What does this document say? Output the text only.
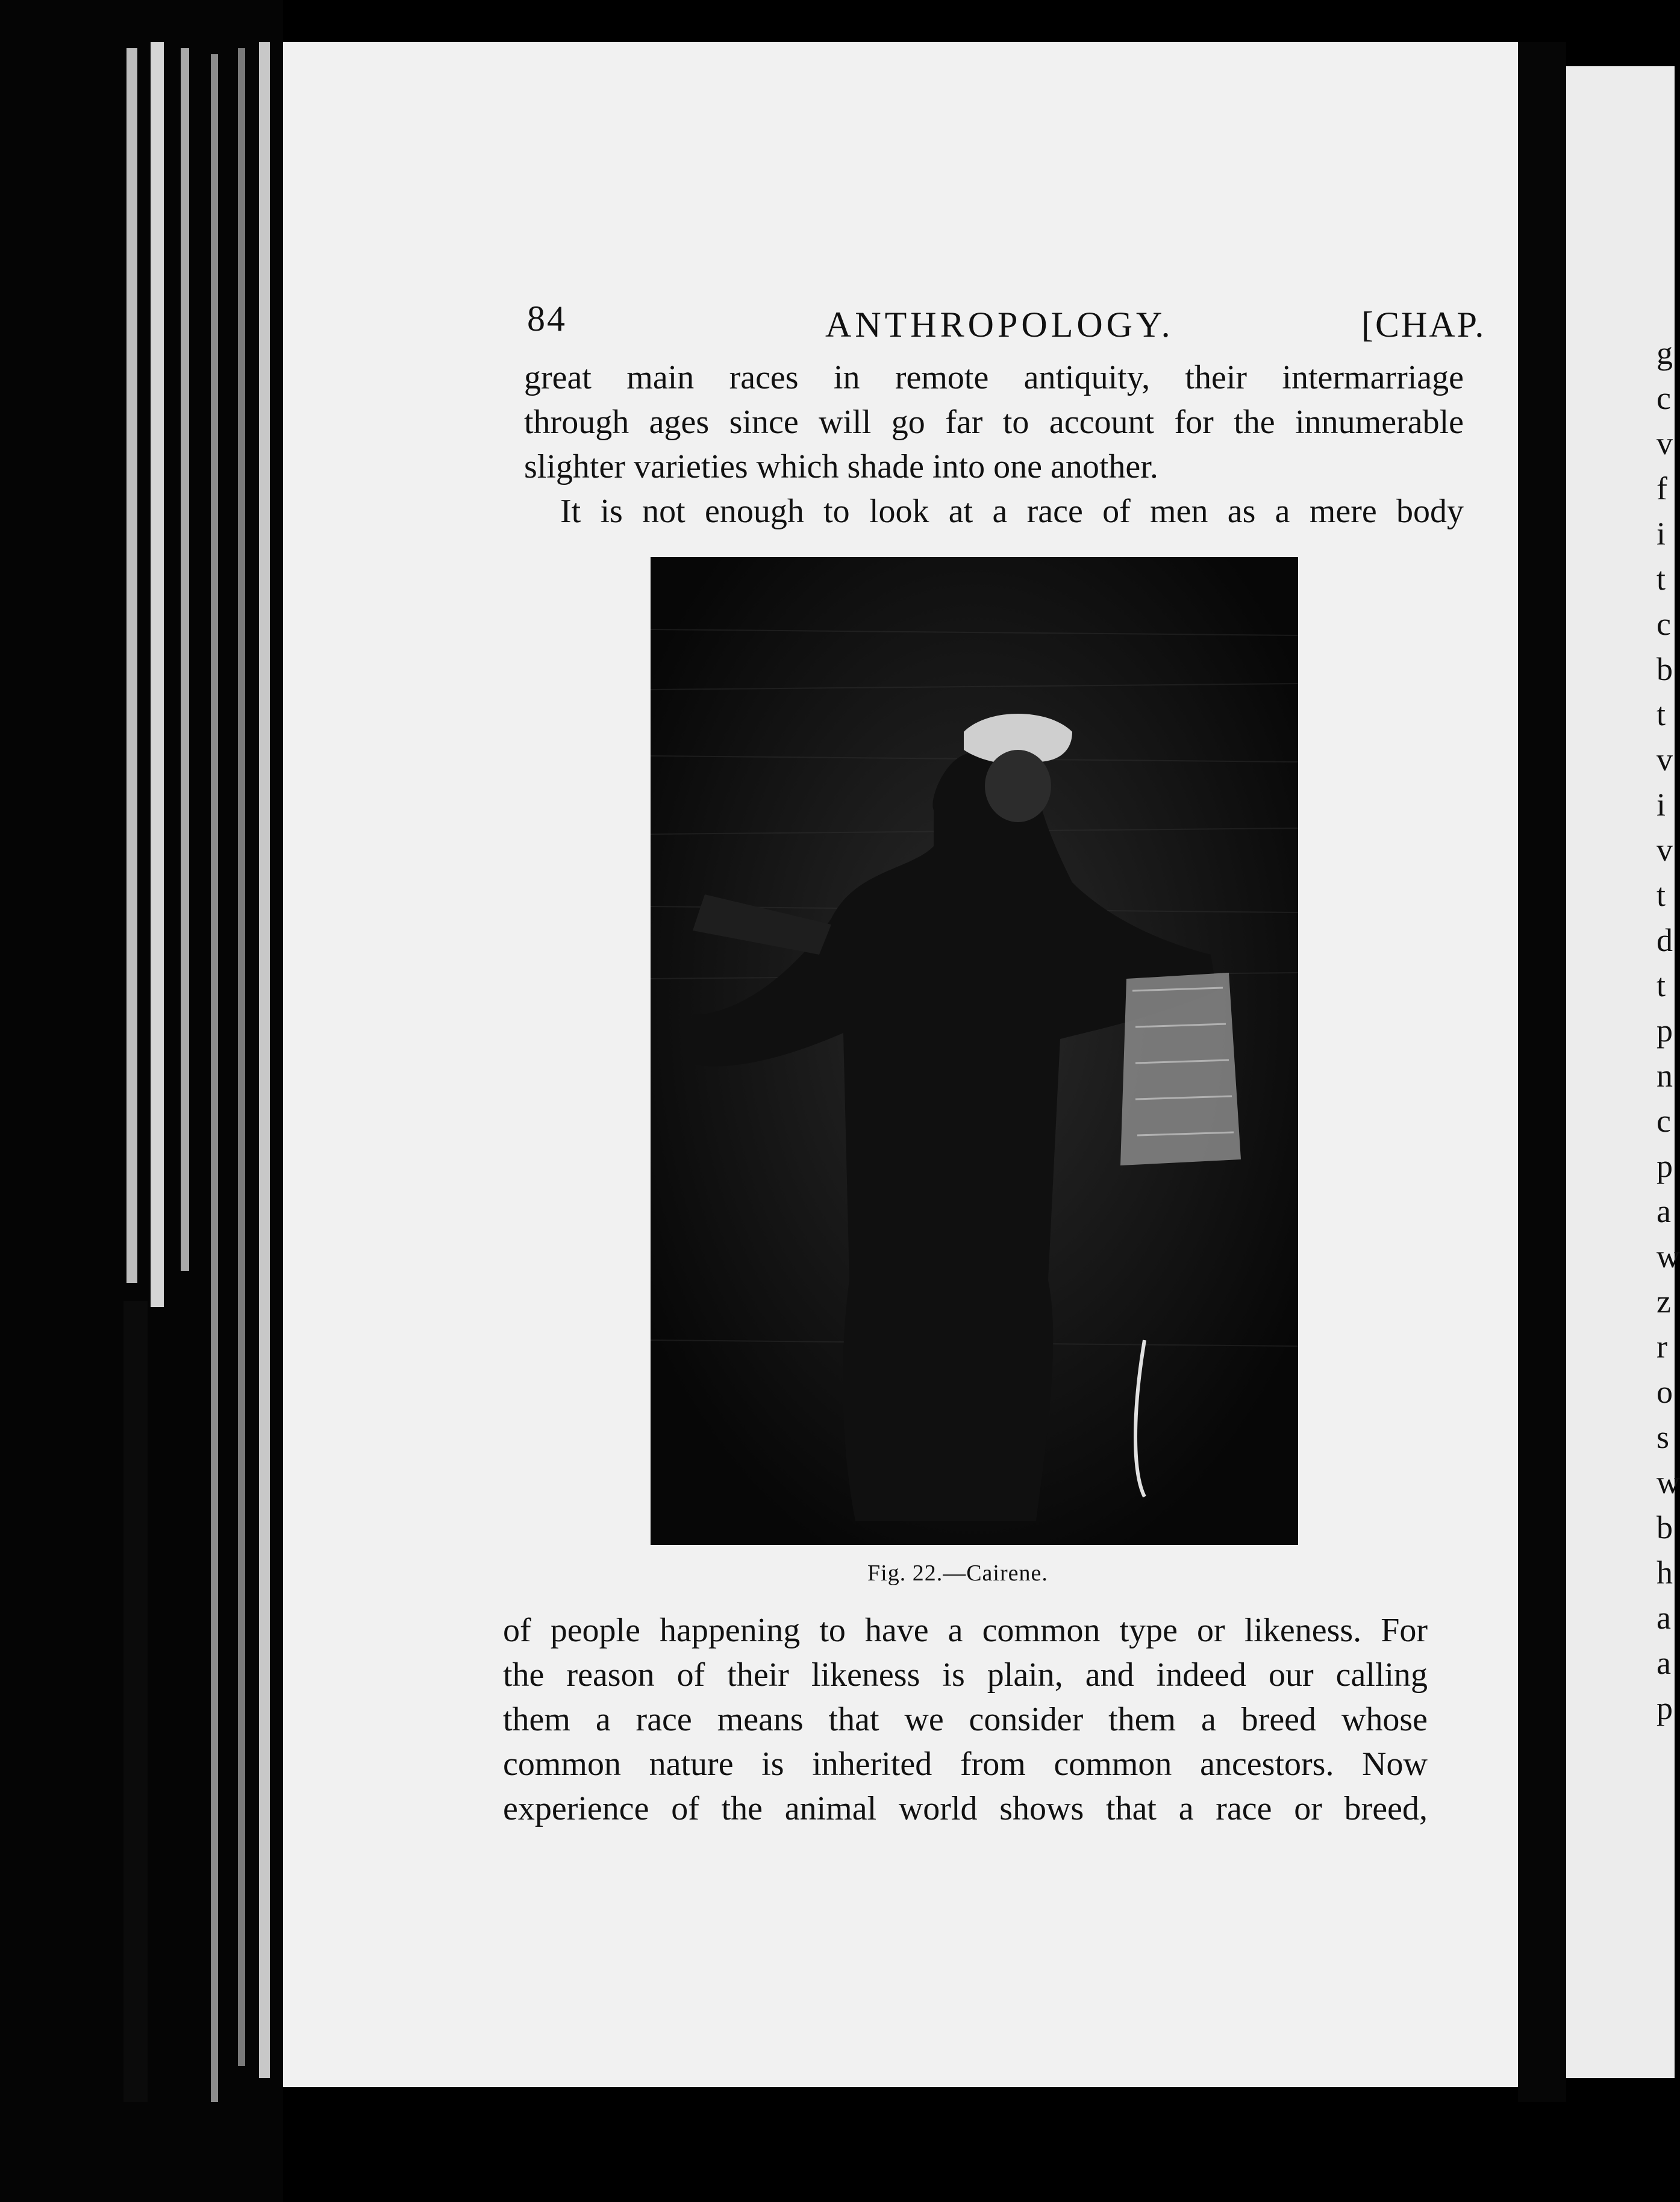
84	ANTHROPOLOGY.	[CHAP.
great main races in remote antiquity, their intermarriage
through ages since will go far to account for the innumerable
slighter varieties which shade into one another.
It is not enough to look at a race of men as a mere body
Fig. 22.—Cairene.
of people happening to have a common type or likeness. For
the reason of their likeness is plain, and indeed our calling
them a race means that we consider them a breed whose
common nature is inherited from common ancestors. Now
experience of the animal world shows that a race or breed,
g
c
v
f
i
t
c
b
t
v
i
v
t
d
t
p
n
c
p
a
w
z
r
o
s
w
b
h
a
a
p
